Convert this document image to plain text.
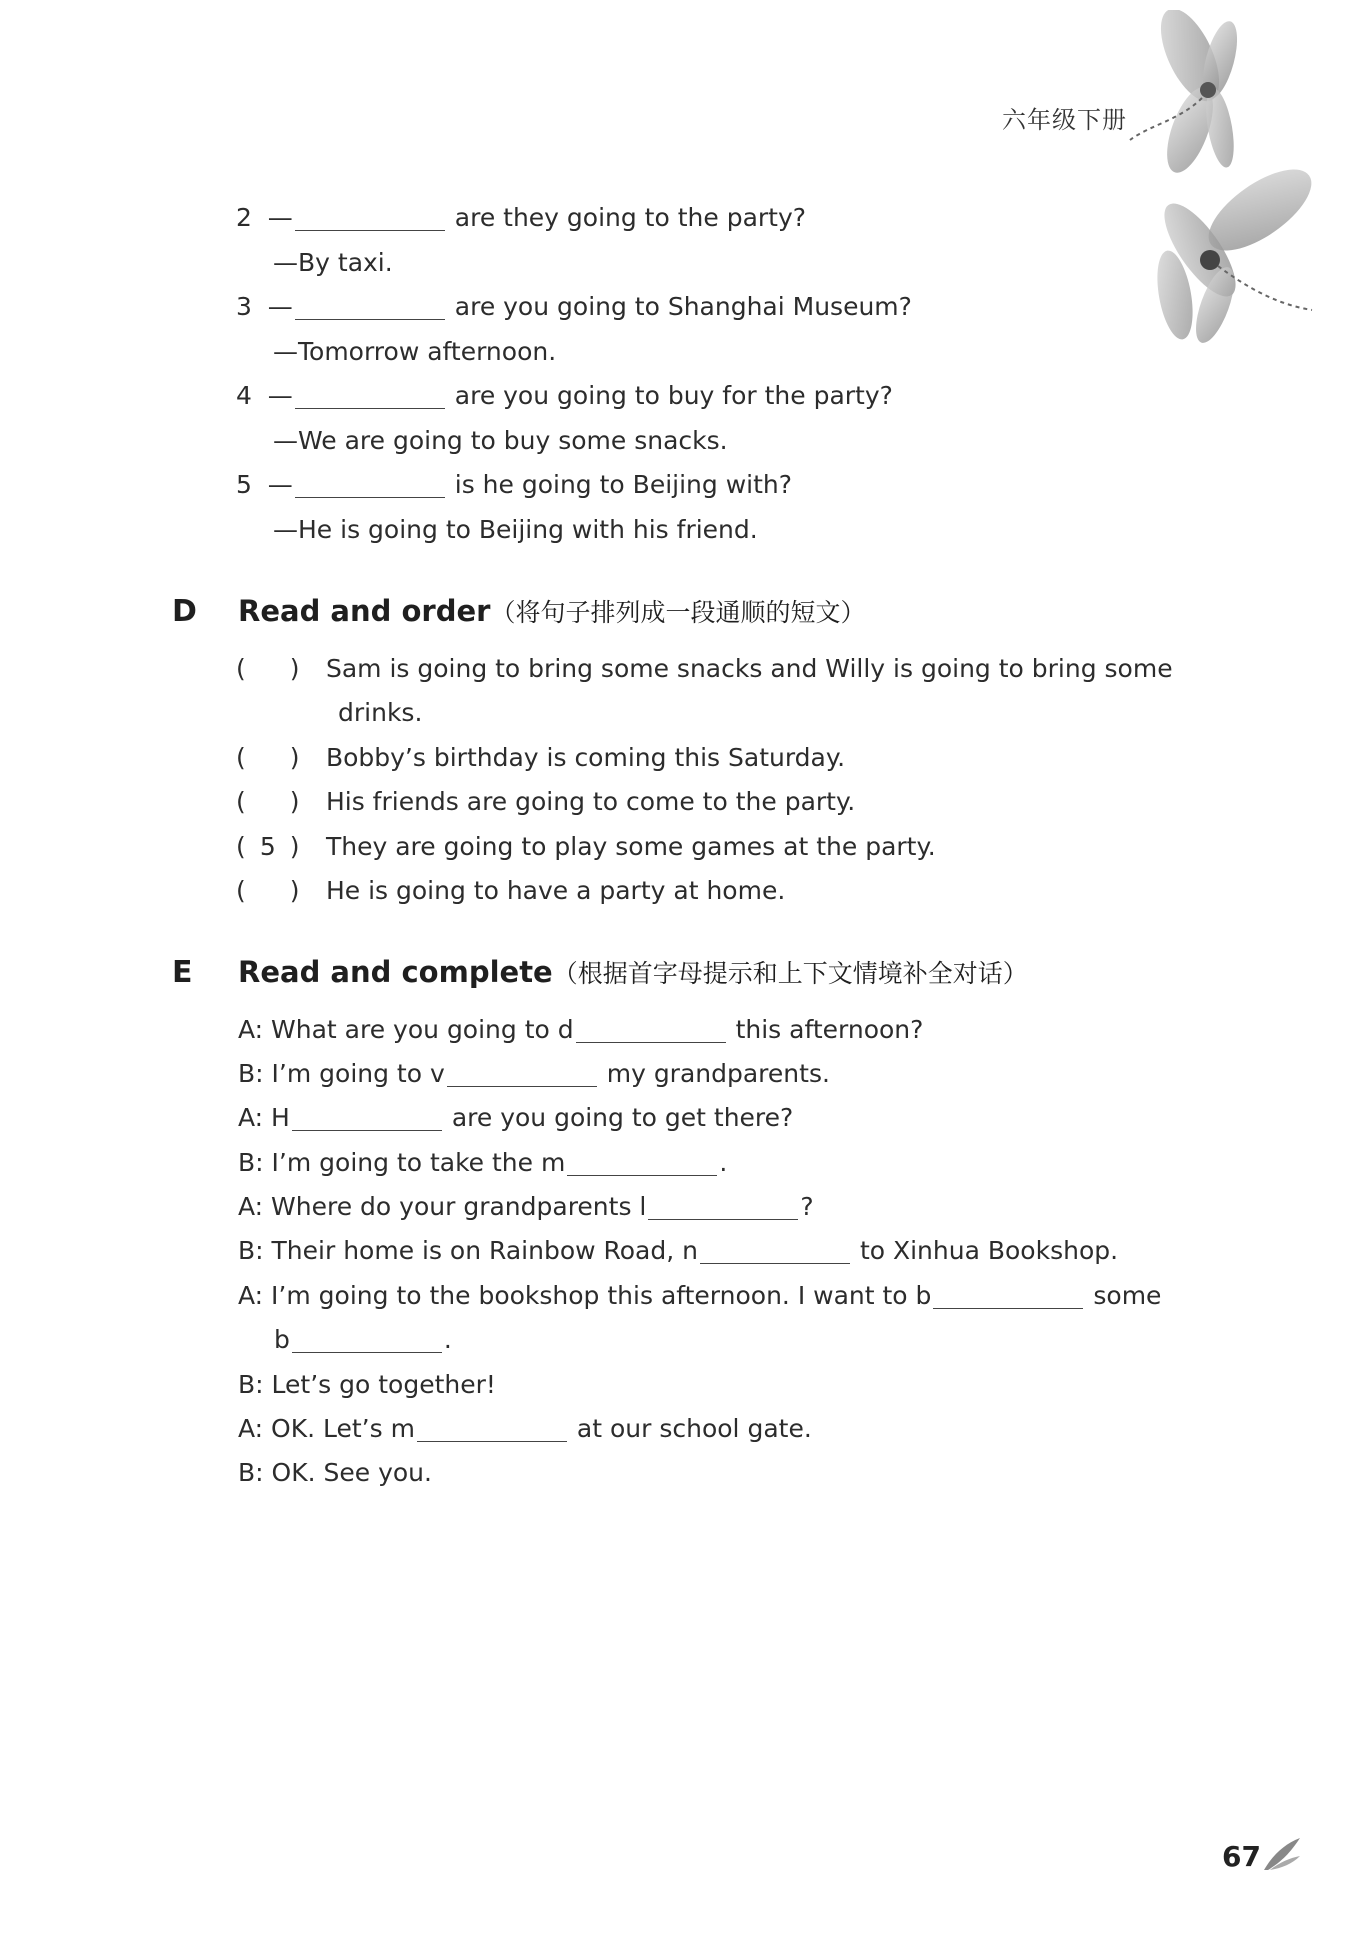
六年级下册
2  —	are they going to the party?
—By taxi.
3  —	are you going to Shanghai Museum?
—Tomorrow afternoon.
4  —	are you going to buy for the party?
—We are going to buy some snacks.
5  —	is he going to Beijing with?
—He is going to Beijing with his friend.
D Read and order（将句子排列成一段通顺的短文）
( ) Sam is going to bring some snacks and Willy is going to bring some
drinks.
( ) Bobby’s birthday is coming this Saturday.
( ) His friends are going to come to the party.
( 5 ) They are going to play some games at the party.
( ) He is going to have a party at home.
E Read and complete（根据首字母提示和上下文情境补全对话）
A: What are you going to d	this afternoon?
B: I’m going to v	my grandparents.
A: H	are you going to get there?
B: I’m going to take the m	.
A: Where do your grandparents l	?
B: Their home is on Rainbow Road, n	to Xinhua Bookshop.
A: I’m going to the bookshop this afternoon. I want to b	some
b	.
B: Let’s go together!
A: OK. Let’s m	at our school gate.
B: OK. See you.
67
